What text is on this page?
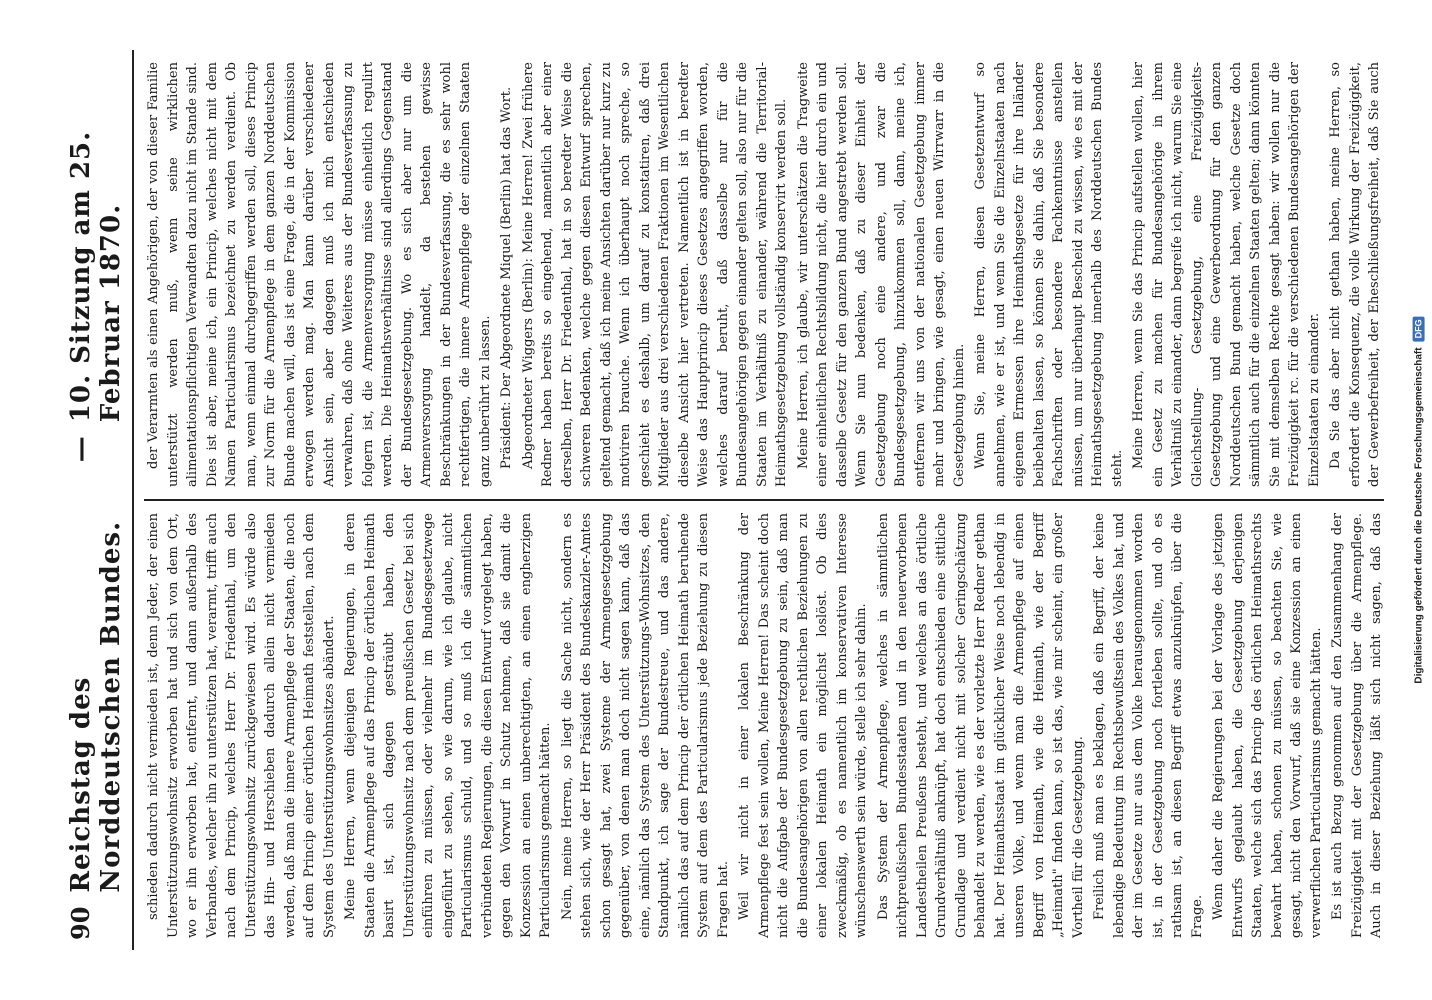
90
Reichstag des Norddeutschen Bundes.
—
10. Sitzung am 25. Februar 1870.

schieden dadurch nicht vermieden ist, denn Jeder, der einen Unterstützungswohnsitz erworben hat und sich von dem Ort, wo er ihn erworben hat, entfernt, und dann außerhalb des Verbandes, welcher ihn zu unterstützen hat, verarmt, trifft auch nach dem Princip, welches Herr Dr. Friedenthal, um den Unterstützungswohnsitz zurückgewiesen wird. Es würde also das Hin- und Herschieben dadurch allein nicht vermieden werden, daß man die innere Armenpflege der Staaten, die noch auf dem Princip einer örtlichen Heimath feststellen, nach dem System des Unterstützungswohnsitzes abändert. Meine Herren, wenn diejenigen Regierungen, in deren Staaten die Armenpflege auf das Princip der örtlichen Heimath basirt ist, sich dagegen gesträubt haben, den Unterstützungswohnsitz nach dem preußischen Gesetz bei sich einführen zu müssen, oder vielmehr im Bundesgesetzwege eingeführt zu sehen, so wie darum, wie ich glaube, nicht Particularismus schuld, und so muß ich die sämmtlichen verbündeten Regierungen, die diesen Entwurf vorgelegt haben, gegen den Vorwurf in Schutz nehmen, daß sie damit die Konzession an einen unberechtigten, an einen engherzigen Particularismus gemacht hätten. Nein, meine Herren, so liegt die Sache nicht, sondern es stehen sich, wie der Herr Präsident des Bundeskanzler-Amtes schon gesagt hat, zwei Systeme der Armengesetzgebung gegenüber, von denen man doch nicht sagen kann, daß das eine, nämlich das System des Unterstützungs-Wohnsitzes, den Standpunkt, ich sage der Bundestreue, und das andere, nämlich das auf dem Princip der örtlichen Heimath beruhende System auf dem des Particularismus jede Beziehung zu diesen Fragen hat. Weil wir nicht in einer lokalen Beschränkung der Armenpflege fest sein wollen, Meine Herren! Das scheint doch nicht die Aufgabe der Bundesgesetzgebung zu sein, daß man die Bundesangehörigen von allen rechtlichen Beziehungen zu einer lokalen Heimath ein möglichst loslöst. Ob dies zweckmäßig, ob es namentlich im konservativen Interesse wünschenswerth sein würde, stelle ich sehr dahin. Das System der Armenpflege, welches in sämmtlichen nichtpreußischen Bundesstaaten und in den neuerworbenen Landestheilen Preußens besteht, und welches an das örtliche Grundverhältniß anknüpft, hat doch entschieden eine sittliche Grundlage und verdient nicht mit solcher Geringschätzung behandelt zu werden, wie es der vorletzte Herr Redner gethan hat. Der Heimathsstaat im glücklicher Weise noch lebendig in unseren Volke, und wenn man die Armenpflege auf einen Begriff von Heimath, wie die Heimath, wie der Begriff „Heimath" finden kann, so ist das, wie mir scheint, ein großer Vortheil für die Gesetzgebung. Freilich muß man es beklagen, daß ein Begriff, der keine lebendige Bedeutung im Rechtsbewußtsein des Volkes hat, und der im Gesetze nur aus dem Volke herausgenommen worden ist, in der Gesetzgebung noch fortleben sollte, und ob es rathsam ist, an diesen Begriff etwas anzuknüpfen, über die Frage. Wenn daher die Regierungen bei der Vorlage des jetzigen Entwurfs geglaubt haben, die Gesetzgebung derjenigen Staaten, welche sich das Princip des örtlichen Heimathsrechts bewahrt haben, schonen zu müssen, so beachten Sie, wie gesagt, nicht den Vorwurf, daß sie eine Konzession an einen verwerflichen Particularismus gemacht hätten. Es ist auch Bezug genommen auf den Zusammenhang der Freizügigkeit mit der Gesetzgebung über die Armenpflege. Auch in dieser Beziehung läßt sich nicht sagen, daß das

der Verarmten als einen Angehörigen, der von dieser Familie unterstützt werden muß, wenn seine wirklichen alimentationspflichtigen Verwandten dazu nicht im Stande sind. Dies ist aber, meine ich, ein Princip, welches nicht mit dem Namen Particularismus bezeichnet zu werden verdient. Ob man, wenn einmal durchgegriffen werden soll, dieses Princip zur Norm für die Armenpflege in dem ganzen Norddeutschen Bunde machen will, das ist eine Frage, die in der Kommission erwogen werden mag. Man kann darüber verschiedener Ansicht sein, aber dagegen muß ich mich entschieden verwahren, daß ohne Weiteres aus der Bundesverfassung zu folgern ist, die Armenversorgung müsse einheitlich regulirt werden. Die Heimathsverhältnisse sind allerdings Gegenstand der Bundesgesetzgebung. Wo es sich aber nur um die Armenversorgung handelt, da bestehen gewisse Beschränkungen in der Bundesverfassung, die es sehr wohl rechtfertigen, die innere Armenpflege der einzelnen Staaten ganz unberührt zu lassen. Präsident: Der Abgeordnete Miquel (Berlin) hat das Wort. Abgeordneter Wiggers (Berlin): Meine Herren! Zwei frühere Redner haben bereits so eingehend, namentlich aber einer derselben, Herr Dr. Friedenthal, hat in so beredter Weise die schweren Bedenken, welche gegen diesen Entwurf sprechen, geltend gemacht, daß ich meine Ansichten darüber nur kurz zu motiviren brauche. Wenn ich überhaupt noch spreche, so geschieht es deshalb, um darauf zu konstatiren, daß drei Mitglieder aus drei verschiedenen Fraktionen im Wesentlichen dieselbe Ansicht hier vertreten. Namentlich ist in beredter Weise das Hauptprincip dieses Gesetzes angegriffen worden, welches darauf beruht, daß dasselbe nur für die Bundesangehörigen gegen einander gelten soll, also nur für die Staaten im Verhältniß zu einander, während die Territorial-Heimathsgesetzgebung vollständig konservirt werden soll. Meine Herren, ich glaube, wir unterschätzen die Tragweite einer einheitlichen Rechtsbildung nicht, die hier durch ein und dasselbe Gesetz für den ganzen Bund angestrebt werden soll. Wenn Sie nun bedenken, daß zu dieser Einheit der Gesetzgebung noch eine andere, und zwar die Bundesgesetzgebung, hinzukommen soll, dann, meine ich, entfernen wir uns von der nationalen Gesetzgebung immer mehr und bringen, wie gesagt, einen neuen Wirrwarr in die Gesetzgebung hinein. Wenn Sie, meine Herren, diesen Gesetzentwurf so annehmen, wie er ist, und wenn Sie die Einzelnstaaten nach eigenem Ermessen ihre Heimathsgesetze für ihre Inländer beibehalten lassen, so können Sie dahin, daß Sie besondere Fachschriften oder besondere Fachkenntnisse anstellen müssen, um nur überhaupt Bescheid zu wissen, wie es mit der Heimathsgesetzgebung innerhalb des Norddeutschen Bundes steht. Meine Herren, wenn Sie das Princip aufstellen wollen, hier ein Gesetz zu machen für Bundesangehörige in ihrem Verhältniß zu einander, dann begreife ich nicht, warum Sie eine Gleichstellung- Gesetzgebung, eine Freizügigkeits-Gesetzgebung und eine Gewerbeordnung für den ganzen Norddeutschen Bund gemacht haben, welche Gesetze doch sämmtlich auch für die einzelnen Staaten gelten; dann könnten Sie mit demselben Rechte gesagt haben: wir wollen nur die Freizügigkeit rc. für die verschiedenen Bundesangehörigen der Einzelstaaten zu einander. Da Sie das aber nicht gethan haben, meine Herren, so erfordert die Konsequenz, die volle Wirkung der Freizügigkeit, der Gewerbefreiheit, der Eheschließungsfreiheit, daß Sie auch

Digitalisierung gefördert durch die Deutsche Forschungsgemeinschaft
DFG
